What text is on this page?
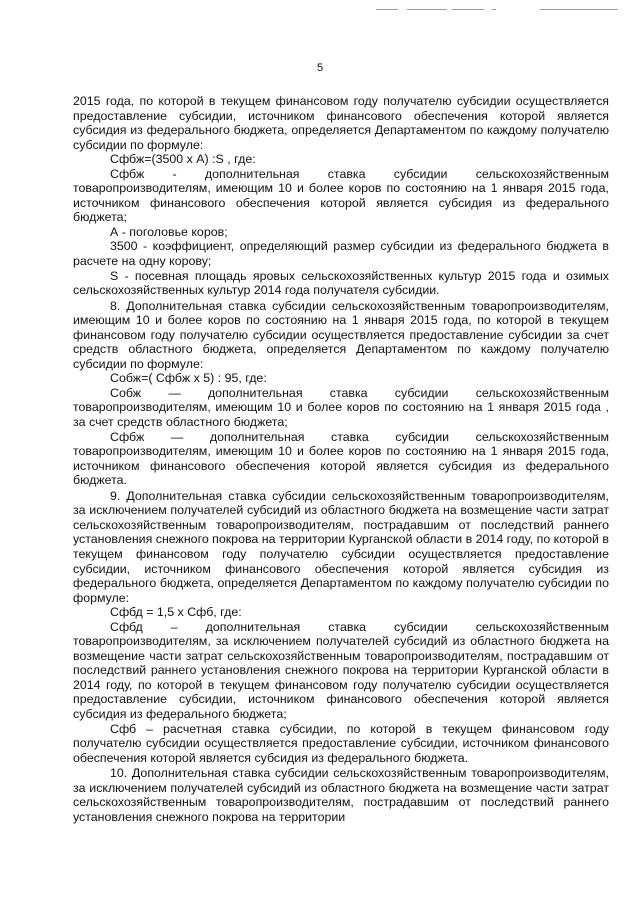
5

2015 года, по которой в текущем финансовом году получателю субсидии осуществляется предоставление субсидии, источником финансового обеспечения которой является субсидия из федерального бюджета, определяется Департаментом по каждому получателю субсидии по формуле:

Сфбж=(3500 х А) :S , где:

Сфбж - дополнительная ставка субсидии сельскохозяйственным товаропроизводителям, имеющим 10 и более коров по состоянию на 1 января 2015 года, источником финансового обеспечения которой является субсидия из федерального бюджета;

А - поголовье коров;

3500 - коэффициент, определяющий размер субсидии из федерального бюджета в расчете на одну корову;

S - посевная площадь яровых сельскохозяйственных культур 2015 года и озимых сельскохозяйственных культур 2014 года получателя субсидии.

8. Дополнительная ставка субсидии сельскохозяйственным товаропроизводителям, имеющим 10 и более коров по состоянию на 1 января 2015 года, по которой в текущем финансовом году получателю субсидии осуществляется предоставление субсидии за счет средств областного бюджета, определяется Департаментом по каждому получателю субсидии по формуле:

Собж=( Сфбж х 5) : 95, где:

Собж — дополнительная ставка субсидии сельскохозяйственным товаропроизводителям, имеющим 10 и более коров по состоянию на 1 января 2015 года , за счет средств областного бюджета;

Сфбж — дополнительная ставка субсидии сельскохозяйственным товаропроизводителям, имеющим 10 и более коров по состоянию на 1 января 2015 года, источником финансового обеспечения которой является субсидия из федерального бюджета.

9. Дополнительная ставка субсидии сельскохозяйственным товаропроизводителям, за исключением получателей субсидий из областного бюджета на возмещение части затрат сельскохозяйственным товаропроизводителям, пострадавшим от последствий раннего установления снежного покрова на территории Курганской области в 2014 году, по которой в текущем финансовом году получателю субсидии осуществляется предоставление субсидии, источником финансового обеспечения которой является субсидия из федерального бюджета, определяется Департаментом по каждому получателю субсидии по формуле:

Сфбд = 1,5 х Сфб, где:

Сфбд – дополнительная ставка субсидии сельскохозяйственным товаропроизводителям, за исключением получателей субсидий из областного бюджета на возмещение части затрат сельскохозяйственным товаропроизводителям, пострадавшим от последствий раннего установления снежного покрова на территории Курганской области в 2014 году, по которой в текущем финансовом году получателю субсидии осуществляется предоставление субсидии, источником финансового обеспечения которой является субсидия из федерального бюджета;

Сфб – расчетная ставка субсидии, по которой в текущем финансовом году получателю субсидии осуществляется предоставление субсидии, источником финансового обеспечения которой является субсидия из федерального бюджета.

10. Дополнительная ставка субсидии сельскохозяйственным товаропроизводителям, за исключением получателей субсидий из областного бюджета на возмещение части затрат сельскохозяйственным товаропроизводителям, пострадавшим от последствий раннего установления снежного покрова на территории
